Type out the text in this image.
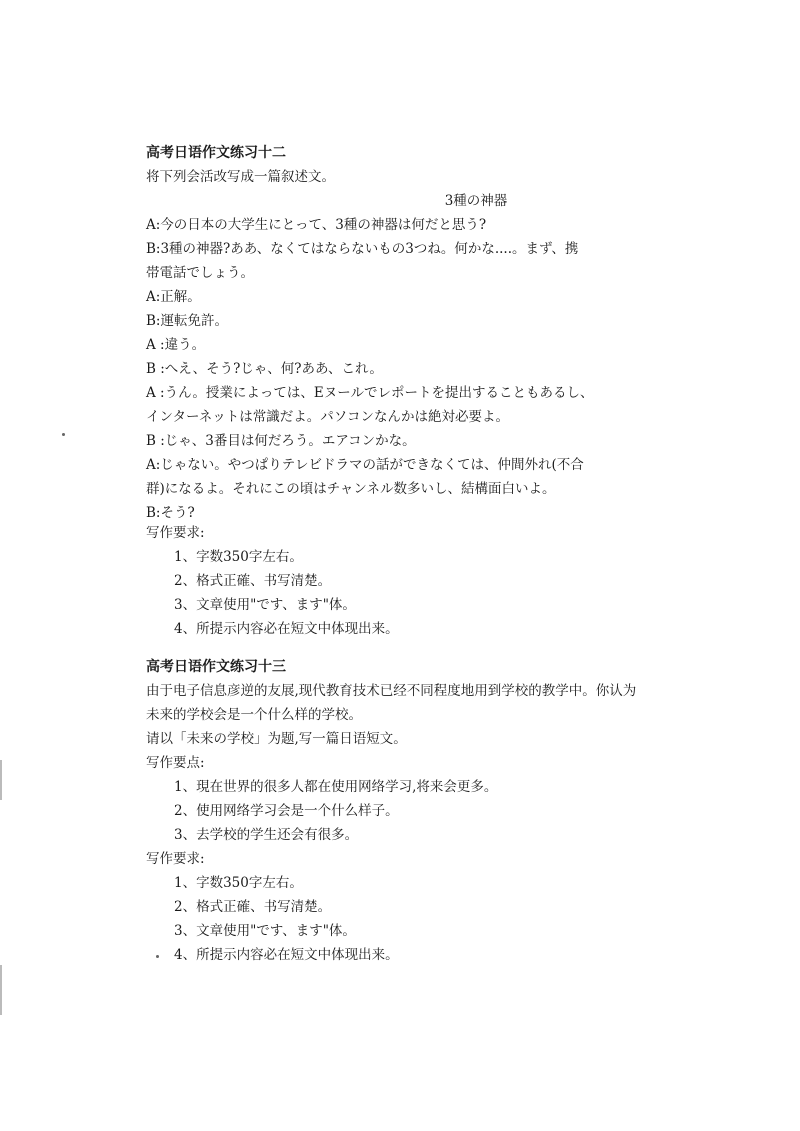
高考日语作文练习十二
将下列会活改写成一篇叙述文。
3種の神器
A:今の日本の大学生にとって、3種の神器は何だと思う?
B:3種の神器?ああ、なくてはならないもの3つね。何かな....。まず、携
帯電話でしょう。
A:正解。
B:運転免許。
A :違う。
B :へえ、そう?じゃ、何?ああ、これ。
A :うん。授業によっては、Eヌールでレポートを提出することもあるし、
インターネットは常識だよ。パソコンなんかは絶対必要よ。
B :じゃ、3番目は何だろう。エアコンかな。
A:じゃない。やつぱりテレビドラマの話ができなくては、仲間外れ(不合
群)になるよ。それにこの頃はチャンネル数多いし、結構面白いよ。
B:そう?
写作要求:
1、字数350字左右。
2、格式正確、书写清楚。
3、文章使用"です、ます"体。
4、所提示内容必在短文中体现出来。
高考日语作文练习十三
由于电子信息彦逆的友展,现代教育技术已经不同程度地用到学校的教学中。你认为
未来的学校会是一个什么样的学校。
请以「未来の学校」为题,写一篇日语短文。
写作要点:
1、現在世界的很多人都在使用网络学习,将来会更多。
2、使用网络学习会是一个什么样子。
3、去学校的学生还会有很多。
写作要求:
1、字数350字左右。
2、格式正確、书写清楚。
3、文章使用"です、ます"体。
4、所提示内容必在短文中体现出来。
